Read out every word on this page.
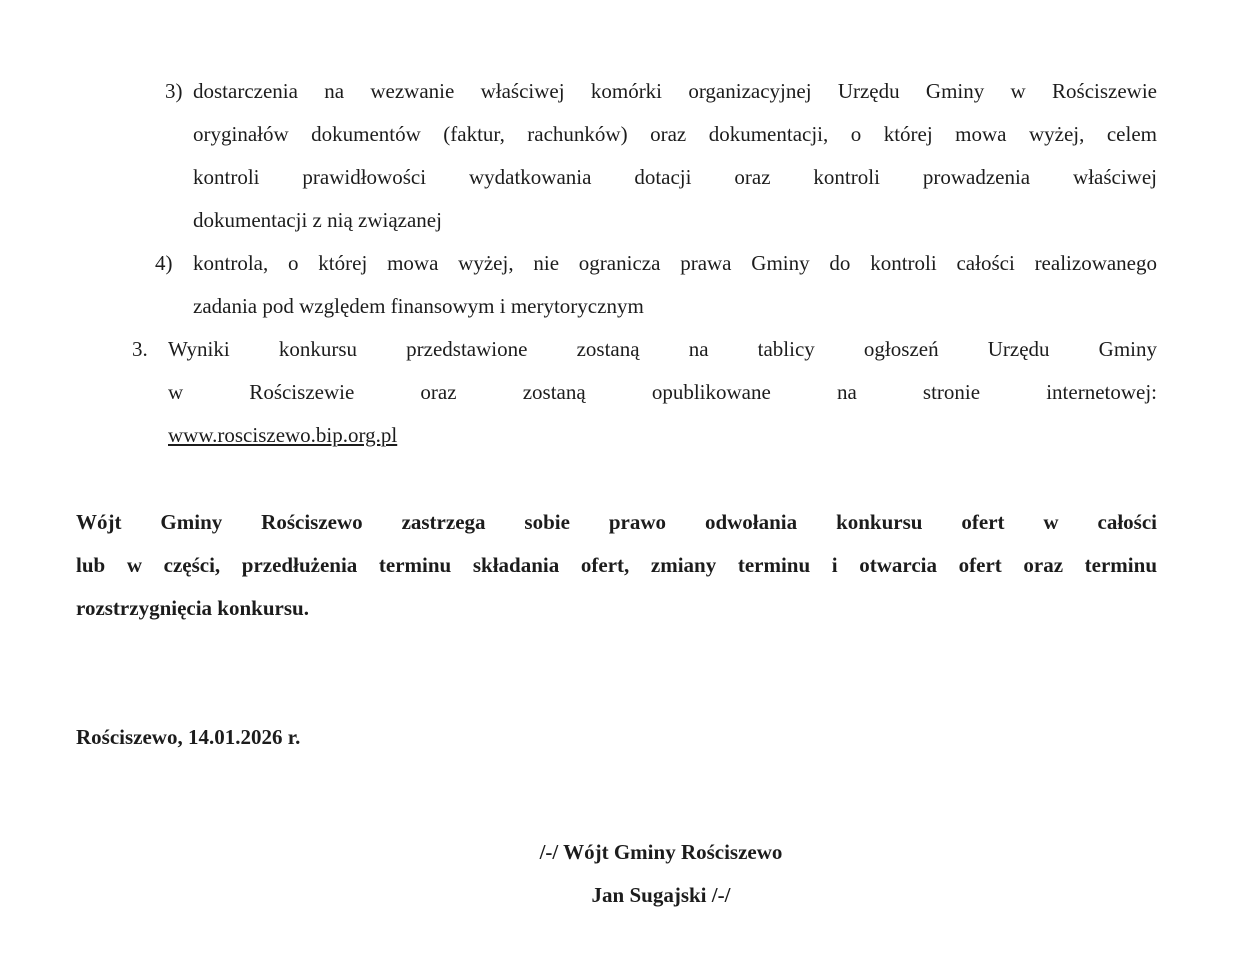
3) dostarczenia na wezwanie właściwej komórki organizacyjnej Urzędu Gminy w Rościszewie
oryginałów dokumentów (faktur, rachunków) oraz dokumentacji, o której mowa wyżej, celem
kontroli prawidłowości wydatkowania dotacji oraz kontroli prowadzenia właściwej
dokumentacji z nią związanej
4) kontrola, o której mowa wyżej, nie ogranicza prawa Gminy do kontroli całości realizowanego
zadania pod względem finansowym i merytorycznym
3. Wyniki konkursu przedstawione zostaną na tablicy ogłoszeń Urzędu Gminy
w Rościszewie oraz zostaną opublikowane na stronie internetowej:
www.rosciszewo.bip.org.pl
Wójt Gminy Rościszewo zastrzega sobie prawo odwołania konkursu ofert w całości
lub w części, przedłużenia terminu składania ofert, zmiany terminu i otwarcia ofert oraz terminu
rozstrzygnięcia konkursu.
Rościszewo, 14.01.2026 r.
/-/ Wójt Gminy Rościszewo
Jan Sugajski /-/
